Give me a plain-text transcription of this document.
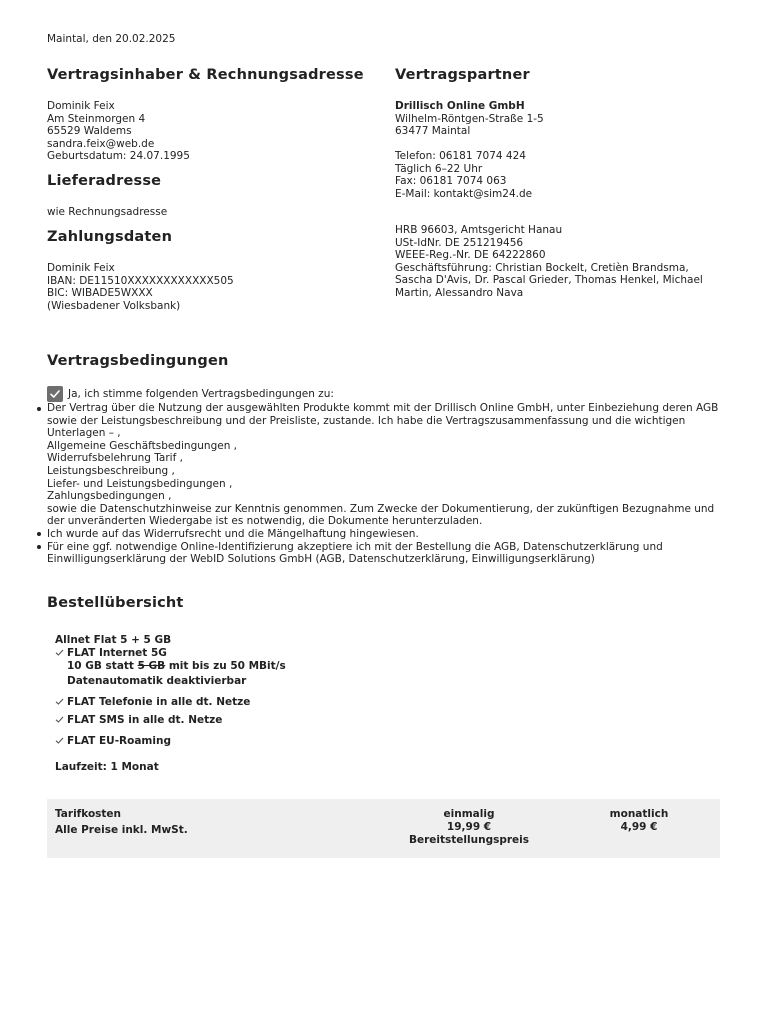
Maintal, den 20.02.2025
Vertragsinhaber & Rechnungsadresse
Dominik Feix
Am Steinmorgen 4
65529 Waldems
sandra.feix@web.de
Geburtsdatum: 24.07.1995
Lieferadresse
wie Rechnungsadresse
Zahlungsdaten
Dominik Feix
IBAN: DE11510XXXXXXXXXXXX505
BIC: WIBADE5WXXX
(Wiesbadener Volksbank)
Vertragspartner
Drillisch Online GmbH
Wilhelm-Röntgen-Straße 1-5
63477 Maintal
Telefon: 06181 7074 424
Täglich 6–22 Uhr
Fax: 06181 7074 063
E-Mail: kontakt@sim24.de
HRB 96603, Amtsgericht Hanau
USt-IdNr. DE 251219456
WEEE-Reg.-Nr. DE 64222860
Geschäftsführung: Christian Bockelt, Cretièn Brandsma,
Sascha D'Avis, Dr. Pascal Grieder, Thomas Henkel, Michael
Martin, Alessandro Nava
Vertragsbedingungen
Ja, ich stimme folgenden Vertragsbedingungen zu:
Der Vertrag über die Nutzung der ausgewählten Produkte kommt mit der Drillisch Online GmbH, unter Einbeziehung deren AGB
sowie der Leistungsbeschreibung und der Preisliste, zustande. Ich habe die Vertragszusammenfassung und die wichtigen
Unterlagen – ,
Allgemeine Geschäftsbedingungen ,
Widerrufsbelehrung Tarif ,
Leistungsbeschreibung ,
Liefer- und Leistungsbedingungen ,
Zahlungsbedingungen ,
sowie die Datenschutzhinweise zur Kenntnis genommen. Zum Zwecke der Dokumentierung, der zukünftigen Bezugnahme und
der unveränderten Wiedergabe ist es notwendig, die Dokumente herunterzuladen.
Ich wurde auf das Widerrufsrecht und die Mängelhaftung hingewiesen.
Für eine ggf. notwendige Online-Identifizierung akzeptiere ich mit der Bestellung die AGB, Datenschutzerklärung und
Einwilligungserklärung der WebID Solutions GmbH (AGB, Datenschutzerklärung, Einwilligungserklärung)
Bestellübersicht
Allnet Flat 5 + 5 GB
FLAT Internet 5G
10 GB statt 5 GB mit bis zu 50 MBit/s
Datenautomatik deaktivierbar
FLAT Telefonie in alle dt. Netze
FLAT SMS in alle dt. Netze
FLAT EU-Roaming
Laufzeit: 1 Monat
Tarifkosten
Alle Preise inkl. MwSt.
einmalig
19,99 €
Bereitstellungspreis
monatlich
4,99 €
